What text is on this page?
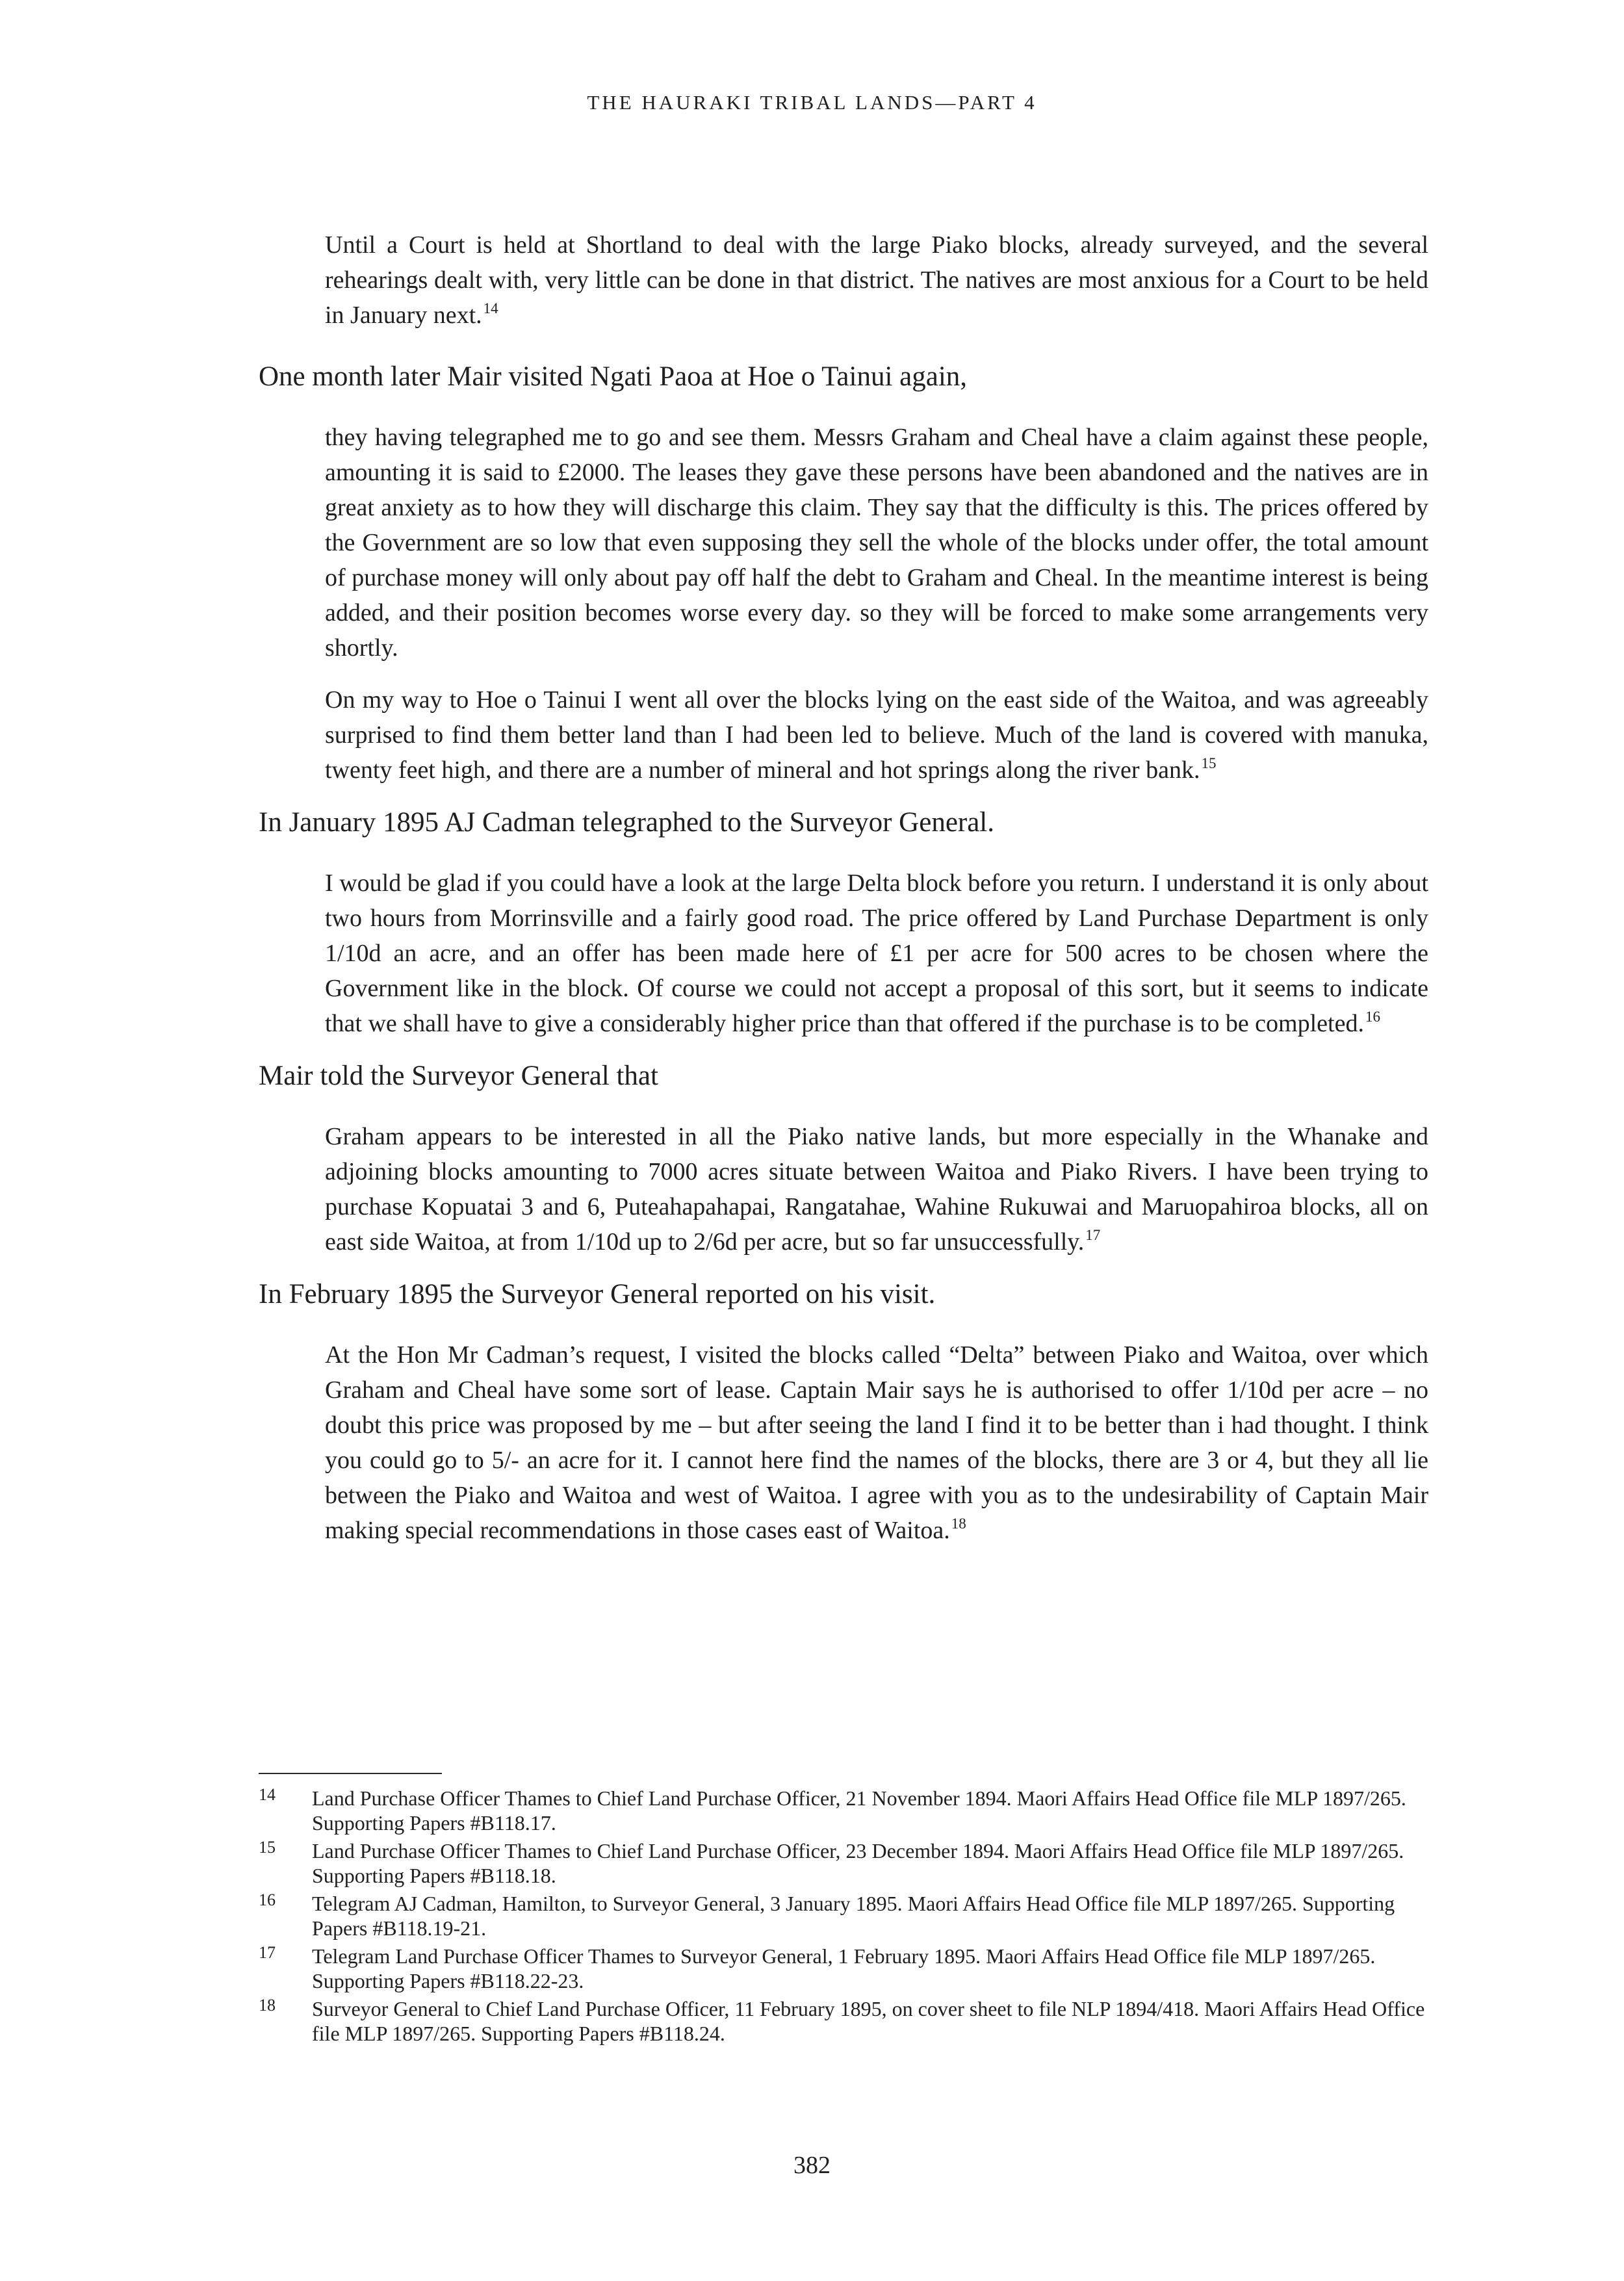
THE HAURAKI TRIBAL LANDS—PART 4

Until a Court is held at Shortland to deal with the large Piako blocks, already surveyed, and the several rehearings dealt with, very little can be done in that district. The natives are most anxious for a Court to be held in January next.$^{14}$

One month later Mair visited Ngati Paoa at Hoe o Tainui again,

they having telegraphed me to go and see them. Messrs Graham and Cheal have a claim against these people, amounting it is said to £2000. The leases they gave these persons have been abandoned and the natives are in great anxiety as to how they will discharge this claim. They say that the difficulty is this. The prices offered by the Government are so low that even supposing they sell the whole of the blocks under offer, the total amount of purchase money will only about pay off half the debt to Graham and Cheal. In the meantime interest is being added, and their position becomes worse every day. so they will be forced to make some arrangements very shortly.

On my way to Hoe o Tainui I went all over the blocks lying on the east side of the Waitoa, and was agreeably surprised to find them better land than I had been led to believe. Much of the land is covered with manuka, twenty feet high, and there are a number of mineral and hot springs along the river bank.$^{15}$

In January 1895 AJ Cadman telegraphed to the Surveyor General.

I would be glad if you could have a look at the large Delta block before you return. I understand it is only about two hours from Morrinsville and a fairly good road. The price offered by Land Purchase Department is only 1/10d an acre, and an offer has been made here of £1 per acre for 500 acres to be chosen where the Government like in the block. Of course we could not accept a proposal of this sort, but it seems to indicate that we shall have to give a considerably higher price than that offered if the purchase is to be completed.$^{16}$

Mair told the Surveyor General that

Graham appears to be interested in all the Piako native lands, but more especially in the Whanake and adjoining blocks amounting to 7000 acres situate between Waitoa and Piako Rivers. I have been trying to purchase Kopuatai 3 and 6, Puteahapahapai, Rangatahae, Wahine Rukuwai and Maruopahiroa blocks, all on east side Waitoa, at from 1/10d up to 2/6d per acre, but so far unsuccessfully.$^{17}$

In February 1895 the Surveyor General reported on his visit.

At the Hon Mr Cadman’s request, I visited the blocks called “Delta” between Piako and Waitoa, over which Graham and Cheal have some sort of lease. Captain Mair says he is authorised to offer 1/10d per acre – no doubt this price was proposed by me – but after seeing the land I find it to be better than i had thought. I think you could go to 5/- an acre for it. I cannot here find the names of the blocks, there are 3 or 4, but they all lie between the Piako and Waitoa and west of Waitoa. I agree with you as to the undesirability of Captain Mair making special recommendations in those cases east of Waitoa.$^{18}$

14	Land Purchase Officer Thames to Chief Land Purchase Officer, 21 November 1894. Maori Affairs Head Office file MLP 1897/265. Supporting Papers #B118.17.
15	Land Purchase Officer Thames to Chief Land Purchase Officer, 23 December 1894. Maori Affairs Head Office file MLP 1897/265. Supporting Papers #B118.18.
16	Telegram AJ Cadman, Hamilton, to Surveyor General, 3 January 1895. Maori Affairs Head Office file MLP 1897/265. Supporting Papers #B118.19-21.
17	Telegram Land Purchase Officer Thames to Surveyor General, 1 February 1895. Maori Affairs Head Office file MLP 1897/265. Supporting Papers #B118.22-23.
18	Surveyor General to Chief Land Purchase Officer, 11 February 1895, on cover sheet to file NLP 1894/418. Maori Affairs Head Office file MLP 1897/265. Supporting Papers #B118.24.
382
